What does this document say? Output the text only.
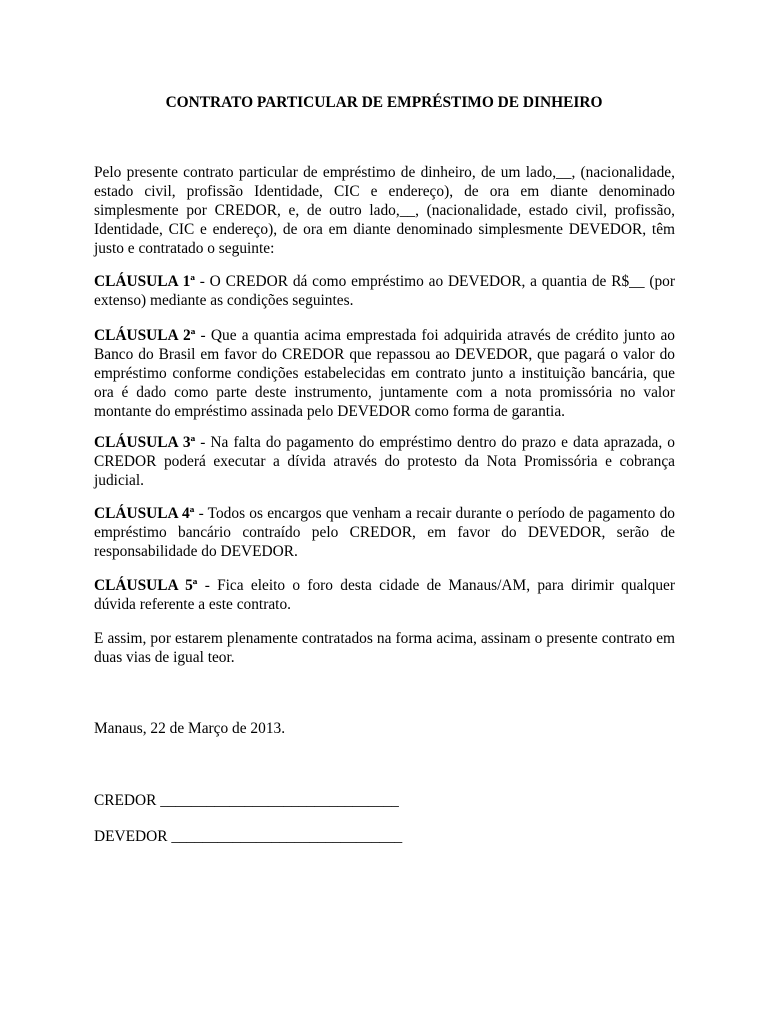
CONTRATO PARTICULAR DE EMPRÉSTIMO DE DINHEIRO

Pelo presente contrato particular de empréstimo de dinheiro, de um lado,__, (nacionalidade, estado civil, profissão Identidade, CIC e endereço), de ora em diante denominado simplesmente por CREDOR, e, de outro lado,__, (nacionalidade, estado civil, profissão, Identidade, CIC e endereço), de ora em diante denominado simplesmente DEVEDOR, têm justo e contratado o seguinte:

CLÁUSULA 1ª - O CREDOR dá como empréstimo ao DEVEDOR, a quantia de R$__ (por extenso) mediante as condições seguintes.

CLÁUSULA 2ª - Que a quantia acima emprestada foi adquirida através de crédito junto ao Banco do Brasil em favor do CREDOR que repassou ao DEVEDOR, que pagará o valor do empréstimo conforme condições estabelecidas em contrato junto a instituição bancária, que ora é dado como parte deste instrumento, juntamente com a nota promissória no valor montante do empréstimo assinada pelo DEVEDOR como forma de garantia.

CLÁUSULA 3ª - Na falta do pagamento do empréstimo dentro do prazo e data aprazada, o CREDOR poderá executar a dívida através do protesto da Nota Promissória e cobrança judicial.

CLÁUSULA 4ª - Todos os encargos que venham a recair durante o período de pagamento do empréstimo bancário contraído pelo CREDOR, em favor do DEVEDOR, serão de responsabilidade do DEVEDOR.

CLÁUSULA 5ª - Fica eleito o foro desta cidade de Manaus/AM, para dirimir qualquer dúvida referente a este contrato.

E assim, por estarem plenamente contratados na forma acima, assinam o presente contrato em duas vias de igual teor.

Manaus, 22 de Março de 2013.

CREDOR _______________________________

DEVEDOR ______________________________
